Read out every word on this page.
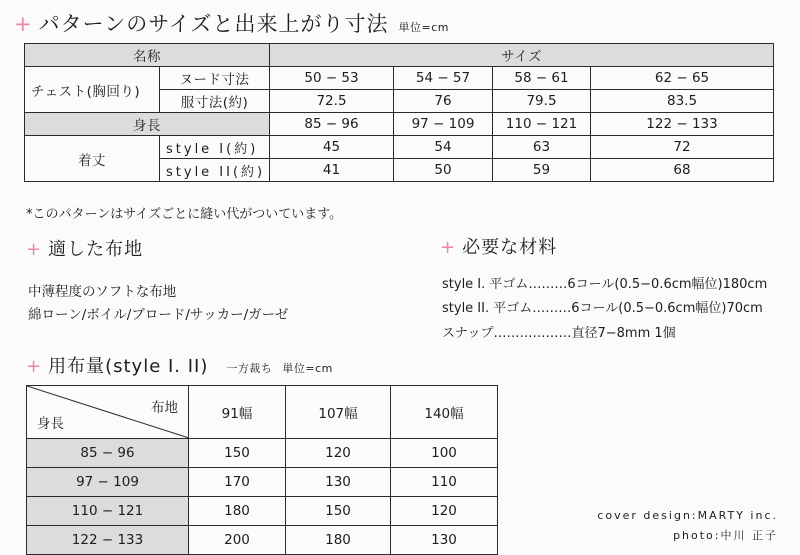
+ パターンのサイズと出来上がり寸法 単位=cm
名称		サイズ			
チェスト(胸回り)	ヌード寸法	50 − 53	54 − 57	58 − 61	62 − 65
	服寸法(約)	72.5	76	79.5	83.5
身長		85 − 96	97 − 109	110 − 121	122 − 133
着丈	style I(約)	45	54	63	72
	style II(約)	41	50	59	68
*このパターンはサイズごとに縫い代がついています。
+ 適した布地
中薄程度のソフトな布地
綿ローン/ボイル/ブロード/サッカー/ガーゼ
+ 必要な材料
style I. 平ゴム………6コール(0.5−0.6cm幅位)180cm
style II. 平ゴム………6コール(0.5−0.6cm幅位)70cm
スナップ………………直径7−8mm 1個
+ 用布量(style I. II) 一方裁ち 単位=cm
布地
身長	91幅	107幅	140幅
85 − 96	150	120	100
97 − 109	170	130	110
110 − 121	180	150	120
122 − 133	200	180	130
cover design:MARTY inc.
photo:中川 正子
